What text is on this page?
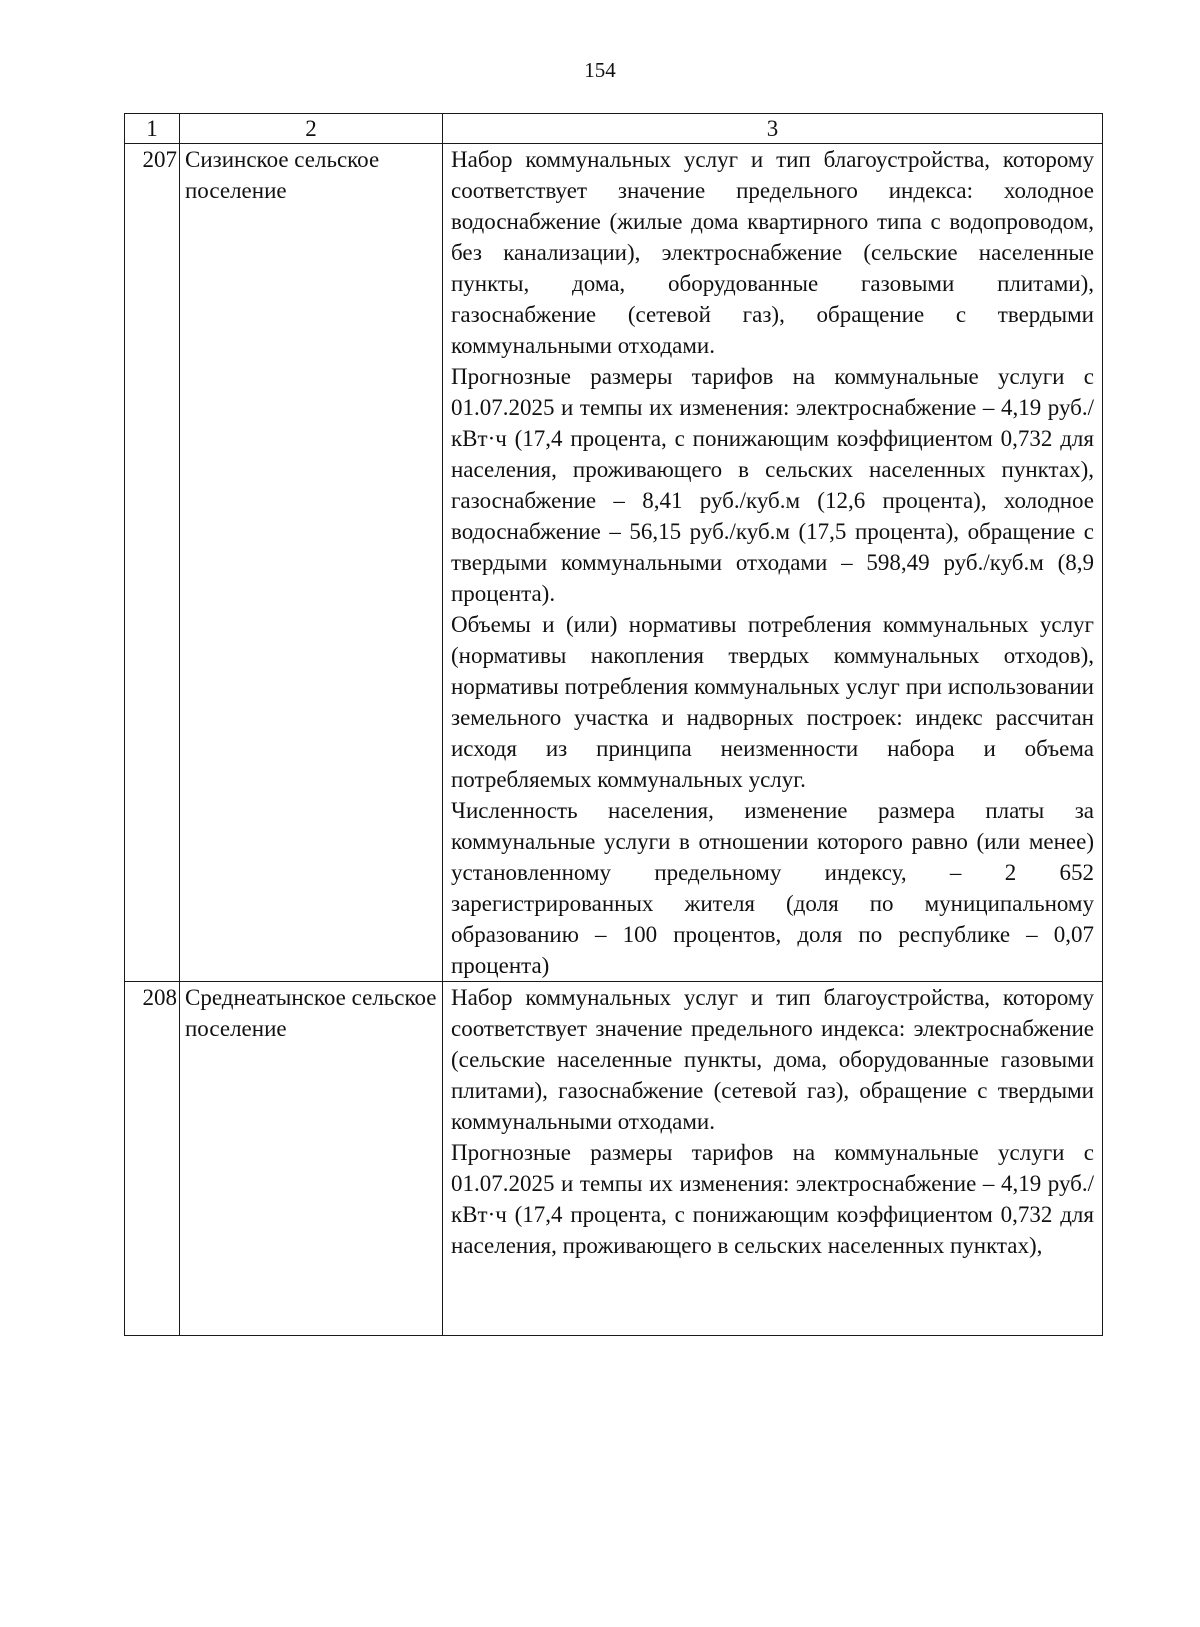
154
1	2	3
207	Сизинское сельское поселение	Набор коммунальных услуг и тип благоустройства, которому соответствует значение предельного индекса: холодное водоснабжение (жилые дома квартирного типа с водопроводом, без канализации), электроснабжение (сельские населенные пункты, дома, оборудованные газовыми плитами), газоснабжение (сетевой газ), обращение с твердыми коммунальными отходами.

Прогнозные размеры тарифов на коммунальные услуги с 01.07.2025 и темпы их изменения: электроснабжение – 4,19 руб./кВт·ч (17,4 процента, с понижающим коэффициентом 0,732 для населения, проживающего в сельских населенных пунктах), газоснабжение – 8,41 руб./куб.м (12,6 процента), холодное водоснабжение – 56,15 руб./куб.м (17,5 процента), обращение с твердыми коммунальными отходами – 598,49 руб./куб.м (8,9 процента).

Объемы и (или) нормативы потребления коммунальных услуг (нормативы накопления твердых коммунальных отходов), нормативы потребления коммунальных услуг при использовании земельного участка и надворных построек: индекс рассчитан исходя из принципа неизменности набора и объема потребляемых коммунальных услуг.

Численность населения, изменение размера платы за коммунальные услуги в отношении которого равно (или менее) установленному предельному индексу, – 2 652 зарегистрированных жителя (доля по муниципальному образованию – 100 процентов, доля по республике – 0,07 процента)

208	Среднеатынское сельское поселение	Набор коммунальных услуг и тип благоустройства, которому соответствует значение предельного индекса: электроснабжение (сельские населенные пункты, дома, оборудованные газовыми плитами), газоснабжение (сетевой газ), обращение с твердыми коммунальными отходами.

Прогнозные размеры тарифов на коммунальные услуги с 01.07.2025 и темпы их изменения: электроснабжение – 4,19 руб./кВт·ч (17,4 процента, с понижающим коэффициентом 0,732 для населения, проживающего в сельских населенных пунктах),
